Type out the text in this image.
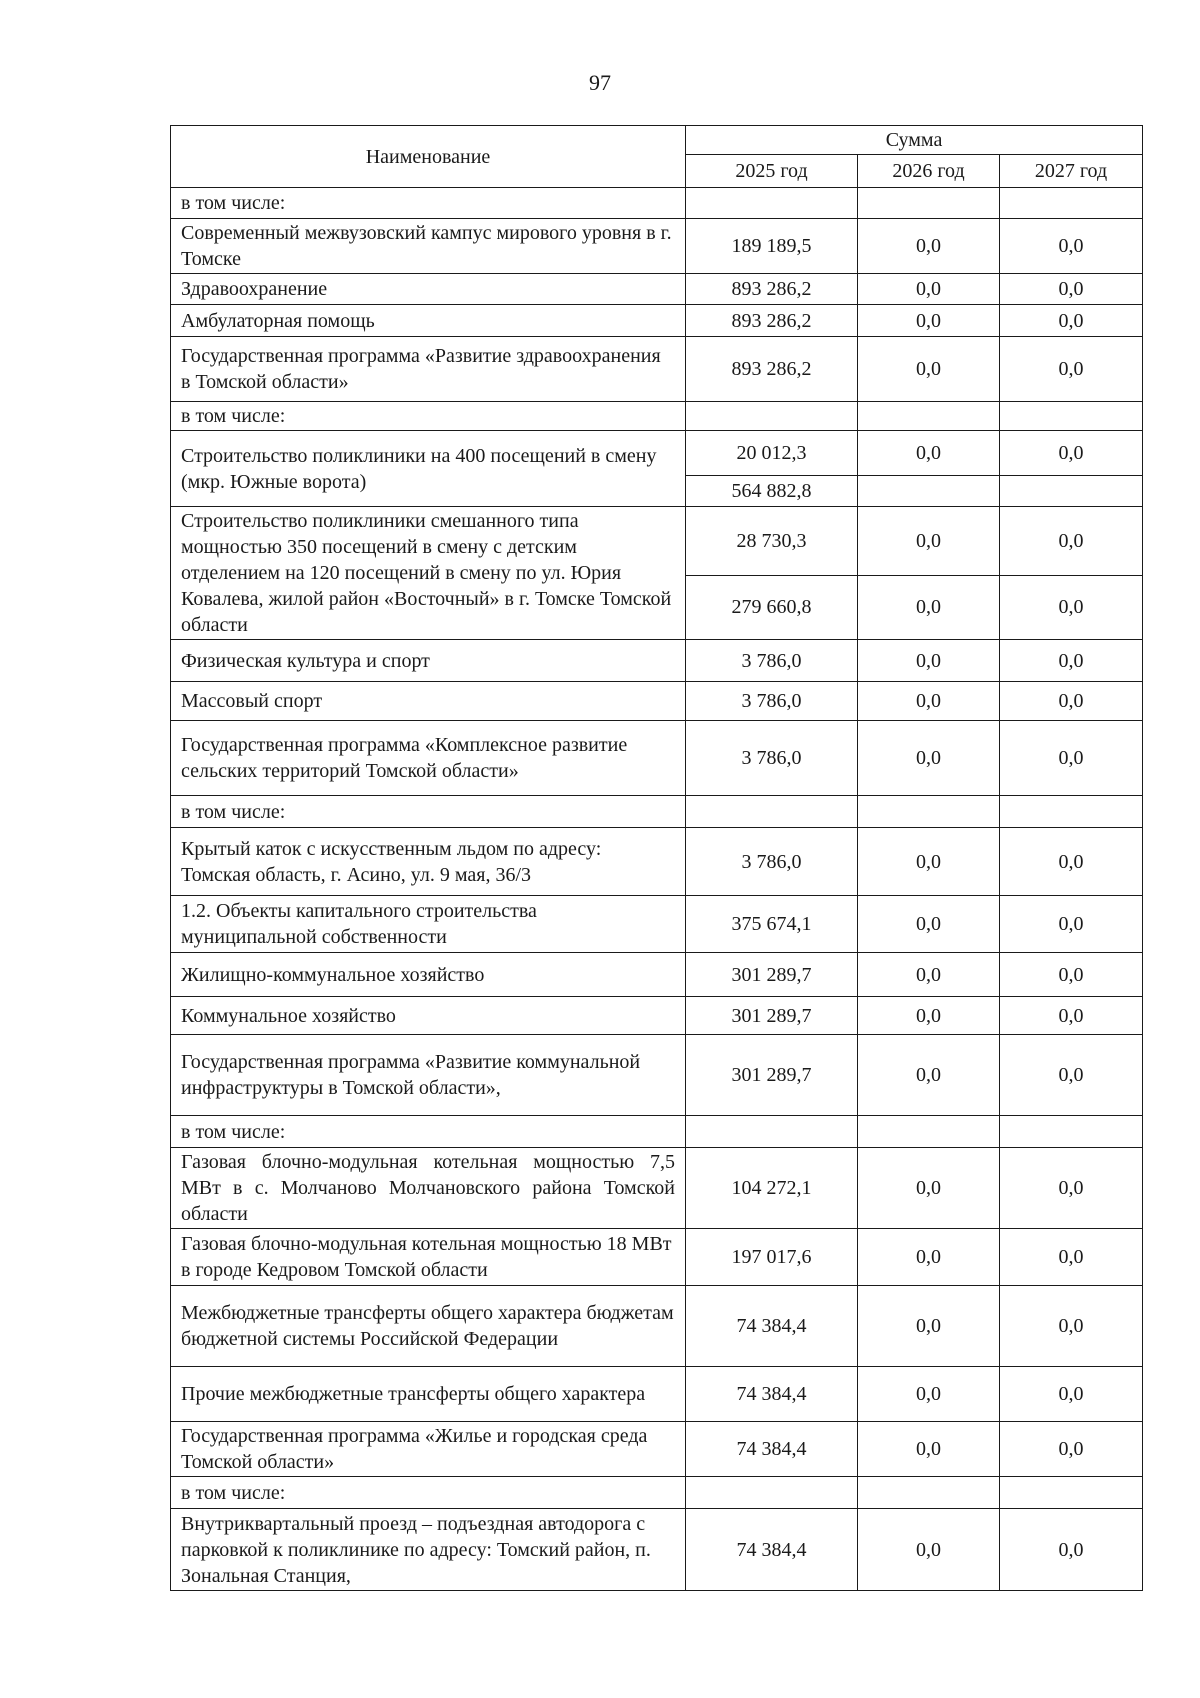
97
Наименование	Сумма		
	2025 год	2026 год	2027 год
в том числе:			
Современный межвузовский кампус мирового уровня в г. Томске	189 189,5	0,0	0,0
Здравоохранение	893 286,2	0,0	0,0
Амбулаторная помощь	893 286,2	0,0	0,0
Государственная программа «Развитие здравоохранения в Томской области»	893 286,2	0,0	0,0
в том числе:			
Строительство поликлиники на 400 посещений в смену (мкр. Южные ворота)	20 012,3	0,0	0,0
	564 882,8		
Строительство поликлиники смешанного типа мощностью 350 посещений в смену с детским отделением на 120 посещений в смену по ул. Юрия Ковалева, жилой район «Восточный» в г. Томске Томской области	28 730,3	0,0	0,0
	279 660,8	0,0	0,0
Физическая культура и спорт	3 786,0	0,0	0,0
Массовый спорт	3 786,0	0,0	0,0
Государственная программа «Комплексное развитие сельских территорий Томской области»	3 786,0	0,0	0,0
в том числе:			
Крытый каток с искусственным льдом по адресу: Томская область, г. Асино, ул. 9 мая, 36/3	3 786,0	0,0	0,0
1.2. Объекты капитального строительства муниципальной собственности	375 674,1	0,0	0,0
Жилищно-коммунальное хозяйство	301 289,7	0,0	0,0
Коммунальное хозяйство	301 289,7	0,0	0,0
Государственная программа «Развитие коммунальной инфраструктуры в Томской области»,	301 289,7	0,0	0,0
в том числе:			
Газовая блочно-модульная котельная мощностью 7,5 МВт в с. Молчаново Молчановского района Томской области	104 272,1	0,0	0,0
Газовая блочно-модульная котельная мощностью 18 МВт в городе Кедровом Томской области	197 017,6	0,0	0,0
Межбюджетные трансферты общего характера бюджетам бюджетной системы Российской Федерации	74 384,4	0,0	0,0
Прочие межбюджетные трансферты общего характера	74 384,4	0,0	0,0
Государственная программа «Жилье и городская среда Томской области»	74 384,4	0,0	0,0
в том числе:			
Внутриквартальный проезд – подъездная автодорога с парковкой к поликлинике по адресу: Томский район, п. Зональная Станция,	74 384,4	0,0	0,0
